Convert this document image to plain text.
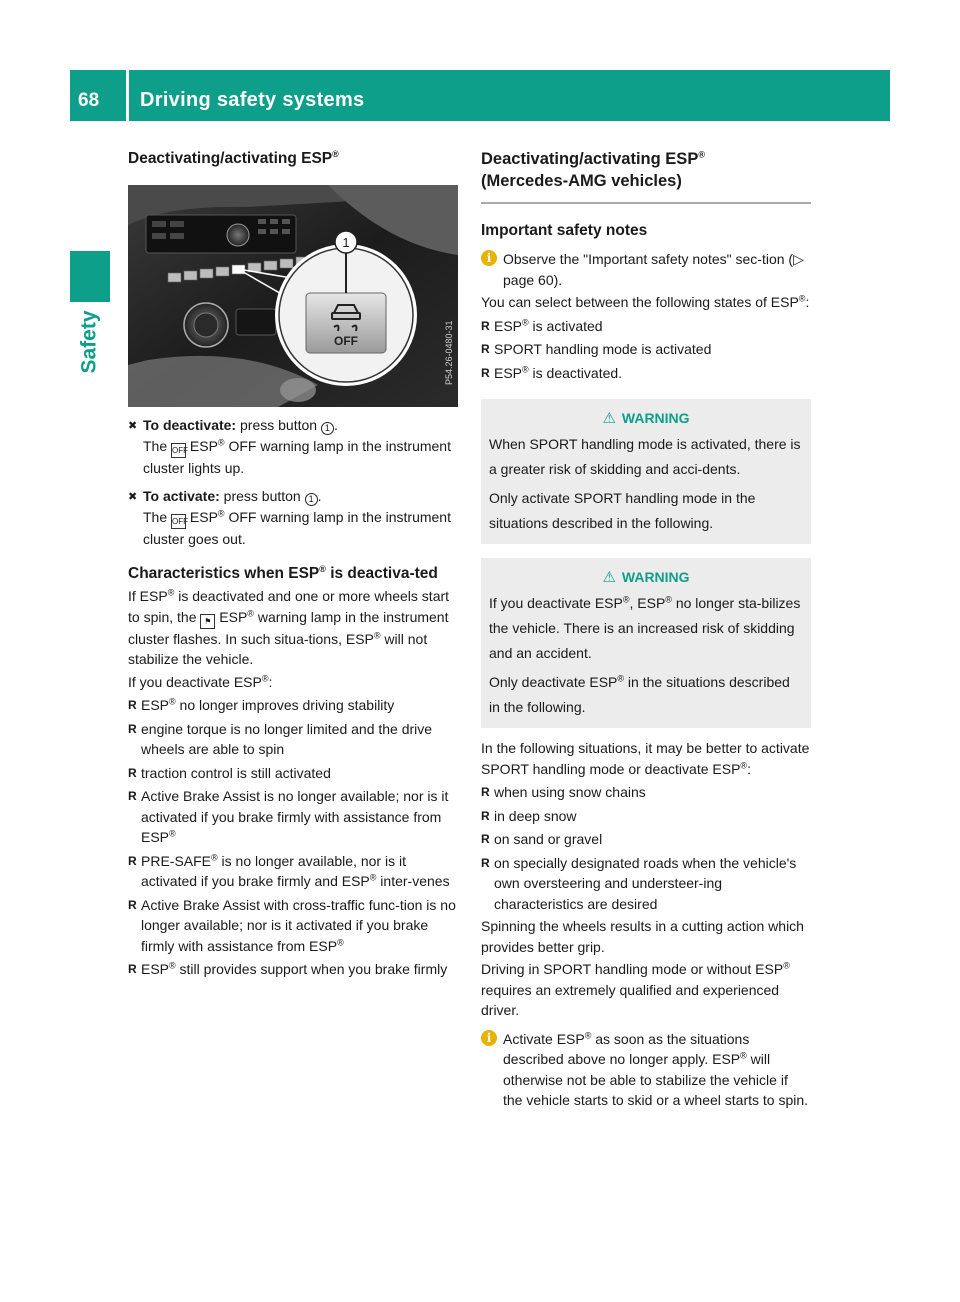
68 Driving safety systems
Safety
Deactivating/activating ESP®
OFF
1
P54.26-0480-31
✖ To deactivate: press button 1 .
The OFF ESP® OFF warning lamp in the instrument cluster lights up.
✖ To activate: press button 1 .
The OFF ESP® OFF warning lamp in the instrument cluster goes out.
Characteristics when ESP® is deactiva-ted

If ESP® is deactivated and one or more wheels start to spin, the ⚑ ESP® warning lamp in the instrument cluster flashes. In such situa-tions, ESP® will not stabilize the vehicle.

If you deactivate ESP®:

R ESP® no longer improves driving stability
R engine torque is no longer limited and the drive wheels are able to spin
R traction control is still activated
R Active Brake Assist is no longer available; nor is it activated if you brake firmly with assistance from ESP®
R PRE-SAFE® is no longer available, nor is it activated if you brake firmly and ESP® inter-venes
R Active Brake Assist with cross-traffic func-tion is no longer available; nor is it activated if you brake firmly with assistance from ESP®
R ESP® still provides support when you brake firmly
Deactivating/activating ESP®
(Mercedes-AMG vehicles)
Important safety notes
i Observe the "Important safety notes" sec-tion (▷ page 60).

You can select between the following states of ESP®:

R ESP® is activated
R SPORT handling mode is activated
R ESP® is deactivated.
⚠ WARNING

When SPORT handling mode is activated, there is a greater risk of skidding and acci-dents.

Only activate SPORT handling mode in the situations described in the following.

⚠ WARNING

If you deactivate ESP®, ESP® no longer sta-bilizes the vehicle. There is an increased risk of skidding and an accident.

Only deactivate ESP® in the situations described in the following.

In the following situations, it may be better to activate SPORT handling mode or deactivate ESP®:

R when using snow chains
R in deep snow
R on sand or gravel
R on specially designated roads when the vehicle's own oversteering and understeer-ing characteristics are desired

Spinning the wheels results in a cutting action which provides better grip.

Driving in SPORT handling mode or without ESP® requires an extremely qualified and experienced driver.

i Activate ESP® as soon as the situations described above no longer apply. ESP® will otherwise not be able to stabilize the vehicle if the vehicle starts to skid or a wheel starts to spin.
